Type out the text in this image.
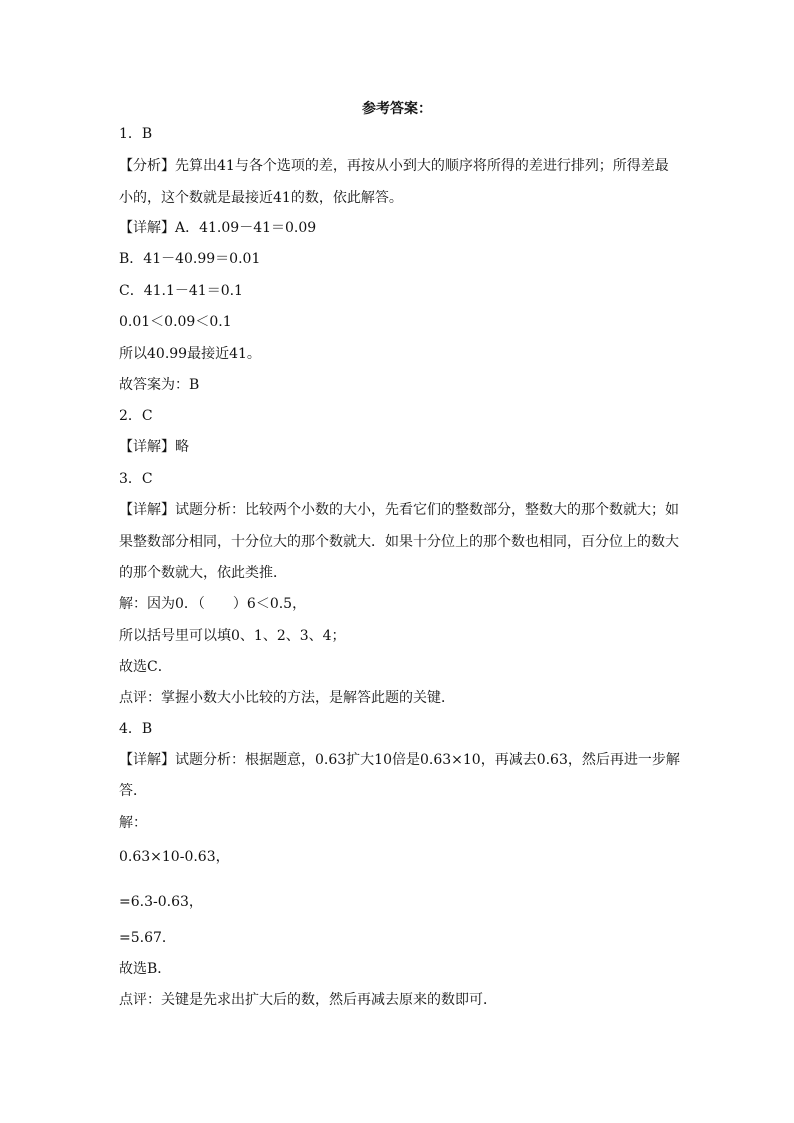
参考答案：
1．B
【分析】先算出41与各个选项的差，再按从小到大的顺序将所得的差进行排列；所得差最
小的，这个数就是最接近41的数，依此解答。
【详解】A．41.09－41＝0.09
B．41－40.99＝0.01
C．41.1－41＝0.1
0.01＜0.09＜0.1
所以40.99最接近41。
故答案为：B
2．C
【详解】略
3．C
【详解】试题分析：比较两个小数的大小，先看它们的整数部分，整数大的那个数就大；如
果整数部分相同，十分位大的那个数就大．如果十分位上的那个数也相同，百分位上的数大
的那个数就大，依此类推．
解：因为0．（　　）6＜0.5，
所以括号里可以填0、1、2、3、4；
故选C．
点评：掌握小数大小比较的方法，是解答此题的关键．
4．B
【详解】试题分析：根据题意，0.63扩大10倍是0.63×10，再减去0.63，然后再进一步解
答．
解：
0.63×10-0.63，
=6.3-0.63，
=5.67．
故选B．
点评：关键是先求出扩大后的数，然后再减去原来的数即可．
